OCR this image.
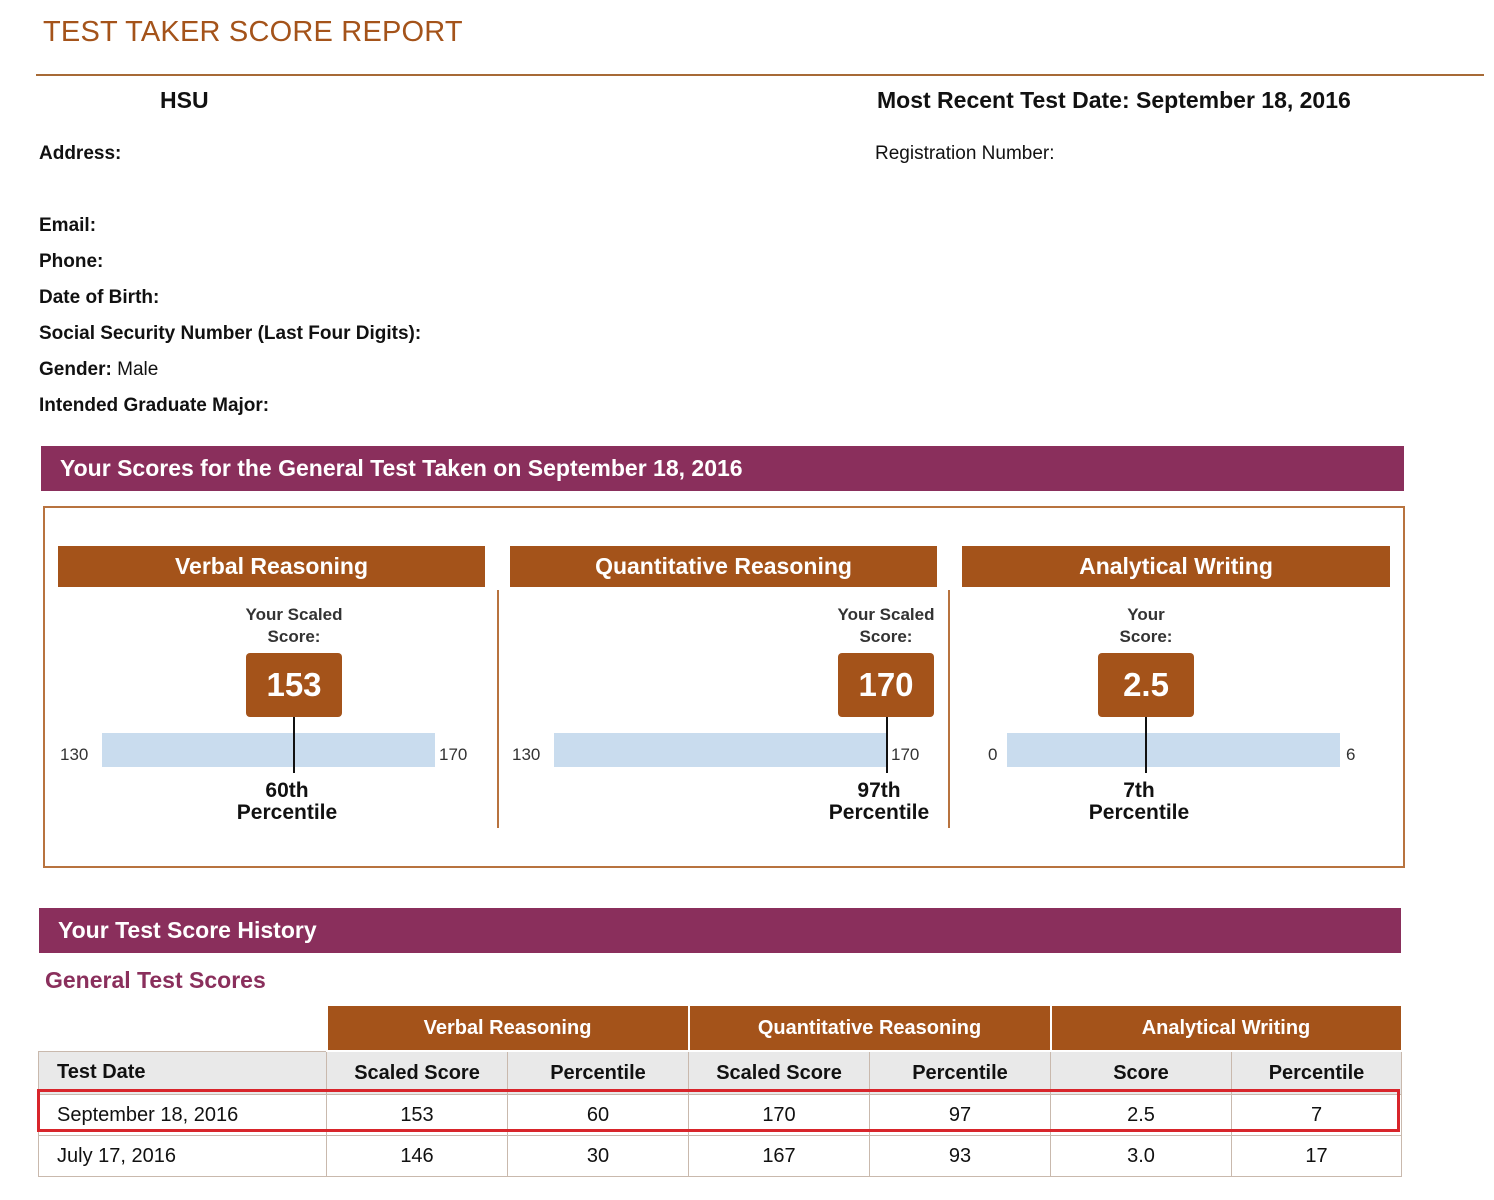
TEST TAKER SCORE REPORT
HSU	Most Recent Test Date: September 18, 2016
Registration Number:
Address:
Email:
Phone:
Date of Birth:
Social Security Number (Last Four Digits):
Gender: Male
Intended Graduate Major:
Your Scores for the General Test Taken on September 18, 2016
Verbal Reasoning
Your Scaled
Score:
130	170
153
60th
Percentile
Quantitative Reasoning
Your Scaled
Score:
130	170
170
97th
Percentile
Analytical Writing
Your
Score:
0	6
2.5
7th
Percentile
Your Test Score History
General Test Scores
	Verbal Reasoning		Quantitative Reasoning		Analytical Writing	
Test Date	Scaled Score	Percentile	Scaled Score	Percentile	Score	Percentile
September 18, 2016	153	60	170	97	2.5	7
July 17, 2016	146	30	167	93	3.0	17
